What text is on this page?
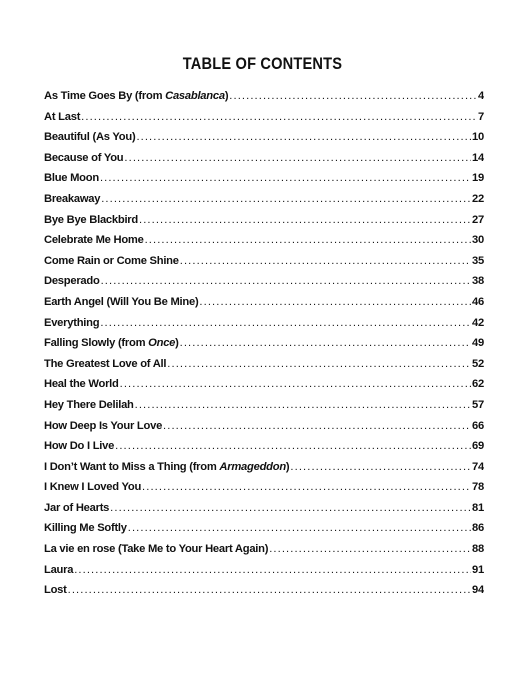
TABLE OF CONTENTS
As Time Goes By (from Casablanca) .....	4
At Last .....	7
Beautiful (As You) .....	10
Because of You .....	14
Blue Moon .....	19
Breakaway .....	22
Bye Bye Blackbird .....	27
Celebrate Me Home .....	30
Come Rain or Come Shine .....	35
Desperado .....	38
Earth Angel (Will You Be Mine) .....	46
Everything .....	42
Falling Slowly (from Once) .....	49
The Greatest Love of All .....	52
Heal the World .....	62
Hey There Delilah .....	57
How Deep Is Your Love .....	66
How Do I Live .....	69
I Don’t Want to Miss a Thing (from Armageddon) .....	74
I Knew I Loved You .....	78
Jar of Hearts .....	81
Killing Me Softly .....	86
La vie en rose (Take Me to Your Heart Again) .....	88
Laura .....	91
Lost .....	94
